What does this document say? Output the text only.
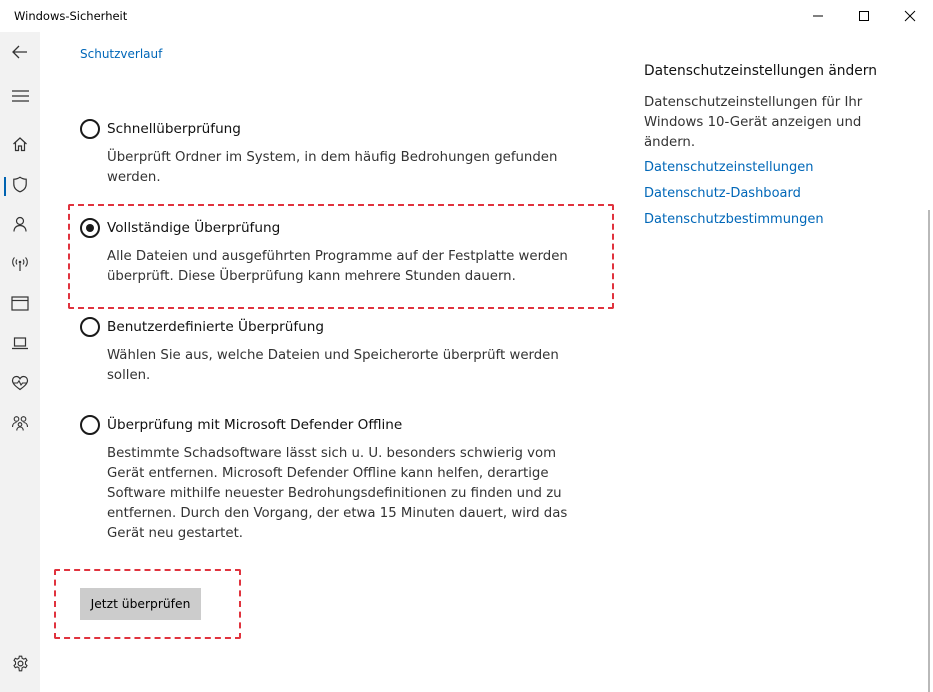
Windows-Sicherheit
Schutzverlauf
Schnellüberprüfung
Überprüft Ordner im System, in dem häufig Bedrohungen gefunden werden.
Vollständige Überprüfung
Alle Dateien und ausgeführten Programme auf der Festplatte werden überprüft. Diese Überprüfung kann mehrere Stunden dauern.
Benutzerdefinierte Überprüfung
Wählen Sie aus, welche Dateien und Speicherorte überprüft werden sollen.
Überprüfung mit Microsoft Defender Offline
Bestimmte Schadsoftware lässt sich u. U. besonders schwierig vom Gerät entfernen. Microsoft Defender Offline kann helfen, derartige Software mithilfe neuester Bedrohungsdefinitionen zu finden und zu entfernen. Durch den Vorgang, der etwa 15 Minuten dauert, wird das Gerät neu gestartet.
Jetzt überprüfen
Datenschutzeinstellungen ändern
Datenschutzeinstellungen für Ihr Windows 10-Gerät anzeigen und ändern.
Datenschutzeinstellungen
Datenschutz-Dashboard
Datenschutzbestimmungen
